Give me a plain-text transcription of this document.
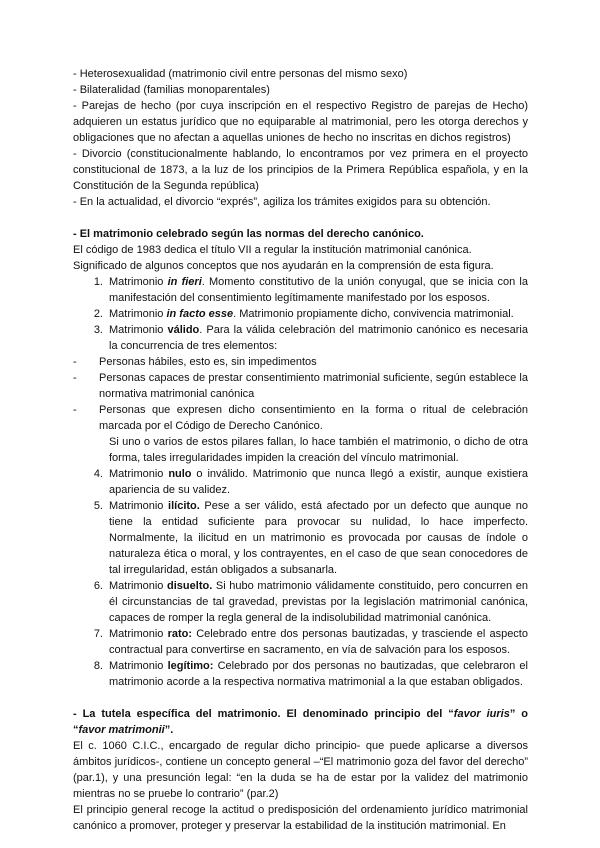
- Heterosexualidad (matrimonio civil entre personas del mismo sexo)

- Bilateralidad (familias monoparentales)

- Parejas de hecho (por cuya inscripción en el respectivo Registro de parejas de Hecho) adquieren un estatus jurídico que no equiparable al matrimonial, pero les otorga derechos y obligaciones que no afectan a aquellas uniones de hecho no inscritas en dichos registros)

- Divorcio (constitucionalmente hablando, lo encontramos por vez primera en el proyecto constitucional de 1873, a la luz de los principios de la Primera República española, y en la Constitución de la Segunda república)

- En la actualidad, el divorcio “exprés”, agiliza los trámites exigidos para su obtención.

- El matrimonio celebrado según las normas del derecho canónico.

El código de 1983 dedica el título VII a regular la institución matrimonial canónica.

Significado de algunos conceptos que nos ayudarán en la comprensión de esta figura.

1. Matrimonio in fieri. Momento constitutivo de la unión conyugal, que se inicia con la manifestación del consentimiento legítimamente manifestado por los esposos.
2. Matrimonio in facto esse. Matrimonio propiamente dicho, convivencia matrimonial.
3. Matrimonio válido. Para la válida celebración del matrimonio canónico es necesaria la concurrencia de tres elementos:
-	Personas hábiles, esto es, sin impedimentos
-	Personas capaces de prestar consentimiento matrimonial suficiente, según establece la normativa matrimonial canónica
-	Personas que expresen dicho consentimiento en la forma o ritual de celebración marcada por el Código de Derecho Canónico.

Si uno o varios de estos pilares fallan, lo hace también el matrimonio, o dicho de otra forma, tales irregularidades impiden la creación del vínculo matrimonial.

4. Matrimonio nulo o inválido. Matrimonio que nunca llegó a existir, aunque existiera apariencia de su validez.
5. Matrimonio ilícito. Pese a ser válido, está afectado por un defecto que aunque no tiene la entidad suficiente para provocar su nulidad, lo hace imperfecto. Normalmente, la ilicitud en un matrimonio es provocada por causas de índole o naturaleza ética o moral, y los contrayentes, en el caso de que sean conocedores de tal irregularidad, están obligados a subsanarla.
6. Matrimonio disuelto. Si hubo matrimonio válidamente constituido, pero concurren en él circunstancias de tal gravedad, previstas por la legislación matrimonial canónica, capaces de romper la regla general de la indisolubilidad matrimonial canónica.
7. Matrimonio rato: Celebrado entre dos personas bautizadas, y trasciende el aspecto contractual para convertirse en sacramento, en vía de salvación para los esposos.
8. Matrimonio legítimo: Celebrado por dos personas no bautizadas, que celebraron el matrimonio acorde a la respectiva normativa matrimonial a la que estaban obligados.

- La tutela específica del matrimonio. El denominado principio del “favor iuris” o “favor matrimonii”.

El c. 1060 C.I.C., encargado de regular dicho principio- que puede aplicarse a diversos ámbitos jurídicos-, contiene un concepto general –“El matrimonio goza del favor del derecho” (par.1), y una presunción legal: “en la duda se ha de estar por la validez del matrimonio mientras no se pruebe lo contrario” (par.2)

El principio general recoge la actitud o predisposición del ordenamiento jurídico matrimonial canónico a promover, proteger y preservar la estabilidad de la institución matrimonial. En
